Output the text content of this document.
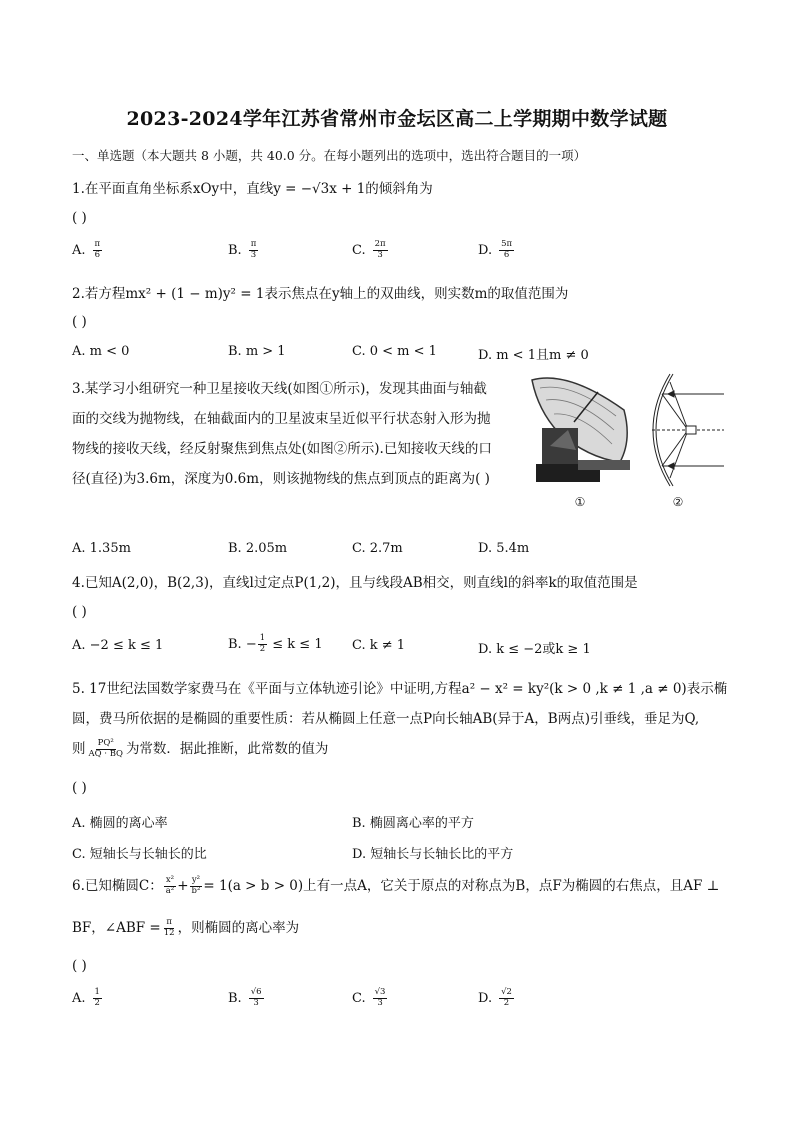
2023-2024学年江苏省常州市金坛区高二上学期期中数学试题
一、单选题（本大题共 8 小题，共 40.0 分。在每小题列出的选项中，选出符合题目的一项）
1.在平面直角坐标系xOy中，直线y = −√3x + 1的倾斜角为
( )
A. $\frac{\pi}{6}$	B. $\frac{\pi}{3}$	C. $\frac{2\pi}{3}$	D. $\frac{5\pi}{6}$
2.若方程mx² + (1 − m)y² = 1表示焦点在y轴上的双曲线，则实数m的取值范围为
( )
A. m < 0	B. m > 1	C. 0 < m < 1	D. m < 1且m ≠ 0
3.某学习小组研究一种卫星接收天线(如图①所示)，发现其曲面与轴截
面的交线为抛物线，在轴截面内的卫星波束呈近似平行状态射入形为抛
物线的接收天线，经反射聚焦到焦点处(如图②所示).已知接收天线的口
径(直径)为3.6m，深度为0.6m，则该抛物线的焦点到顶点的距离为( )
①	②
A. 1.35m	B. 2.05m	C. 2.7m	D. 5.4m
4.已知A(2,0)，B(2,3)，直线l过定点P(1,2)，且与线段AB相交，则直线l的斜率k的取值范围是
( )
A. −2 ≤ k ≤ 1	B. − $\frac{1}{2} \le k \le 1$ C. k ≠ 1	D. k ≤ −2或k ≥ 1
5. 17世纪法国数学家费马在《平面与立体轨迹引论》中证明,方程a² − x² = ky²(k > 0 ,k ≠ 1 ,a ≠ 0)表示椭
圆，费马所依据的是椭圆的重要性质：若从椭圆上任意一点P向长轴AB(异于A，B两点)引垂线，垂足为Q,
则 $\frac{\text{PQ²}}{AQ \cdot BQ}$ 为常数．据此推断，此常数的值为
( )
A. 椭圆的离心率	B. 椭圆离心率的平方
C. 短轴长与长轴长的比	D. 短轴长与长轴长比的平方
6.已知椭圆C： $\frac{\text{x²}}{\text{a²}} + \frac{\text{y²}}{\text{b²}} = 1(a > b > 0)$上有一点A，它关于原点的对称点为B，点F为椭圆的右焦点，且AF ⊥
BF，∠ABF = $\frac{\pi}{12}$ ，则椭圆的离心率为
( )
A. $\frac{1}{2}$	B. $\frac{√6}{3}$	C. $\frac{√3}{3}$	D. $\frac{√2}{2}$
